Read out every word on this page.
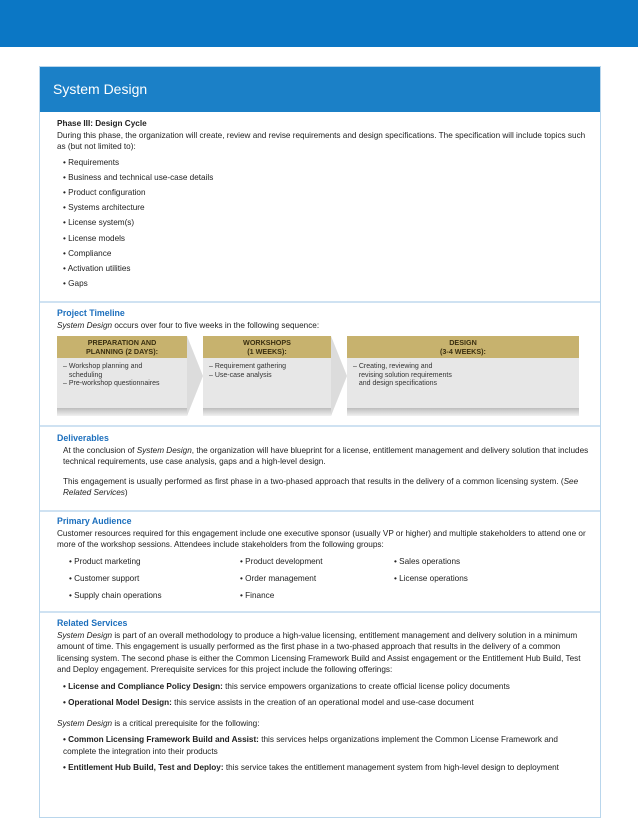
System Design
Phase III: Design Cycle
During this phase, the organization will create, review and revise requirements and design specifications. The specification will include topics such as (but not limited to):
• Requirements
• Business and technical use-case details
• Product configuration
• Systems architecture
• License system(s)
• License models
• Compliance
• Activation utilities
• Gaps
Project Timeline
System Design occurs over four to five weeks in the following sequence:
PREPARATION AND
PLANNING (2 DAYS):
– Workshop planning and
scheduling
– Pre-workshop questionnaires
WORKSHOPS
(1 WEEKS):
– Requirement gathering
– Use-case analysis
DESIGN
(3-4 WEEKS):
– Creating, reviewing and
revising solution requirements
and design specifications
Deliverables
At the conclusion of System Design, the organization will have blueprint for a license, entitlement management and delivery solution that includes technical requirements, use case analysis, gaps and a high-level design.
This engagement is usually performed as first phase in a two-phased approach that results in the delivery of a common licensing system. (See Related Services)
Primary Audience
Customer resources required for this engagement include one executive sponsor (usually VP or higher) and multiple stakeholders to attend one or more of the workshop sessions. Attendees include stakeholders from the following groups:
• Product marketing
• Customer support
• Supply chain operations
• Product development
• Order management
• Finance
• Sales operations
• License operations
Related Services
System Design is part of an overall methodology to produce a high-value licensing, entitlement management and delivery solution in a minimum amount of time. This engagement is usually performed as the first phase in a two-phased approach that results in the delivery of a common licensing system. The second phase is either the Common Licensing Framework Build and Assist engagement or the Entitlement Hub Build, Test and Deploy engagement. Prerequisite services for this project include the following offerings:
• License and Compliance Policy Design: this service empowers organizations to create official license policy documents
• Operational Model Design: this service assists in the creation of an operational model and use-case document
System Design is a critical prerequisite for the following:
• Common Licensing Framework Build and Assist: this services helps organizations implement the Common License Framework and complete the integration into their products
• Entitlement Hub Build, Test and Deploy: this service takes the entitlement management system from high-level design to deployment
